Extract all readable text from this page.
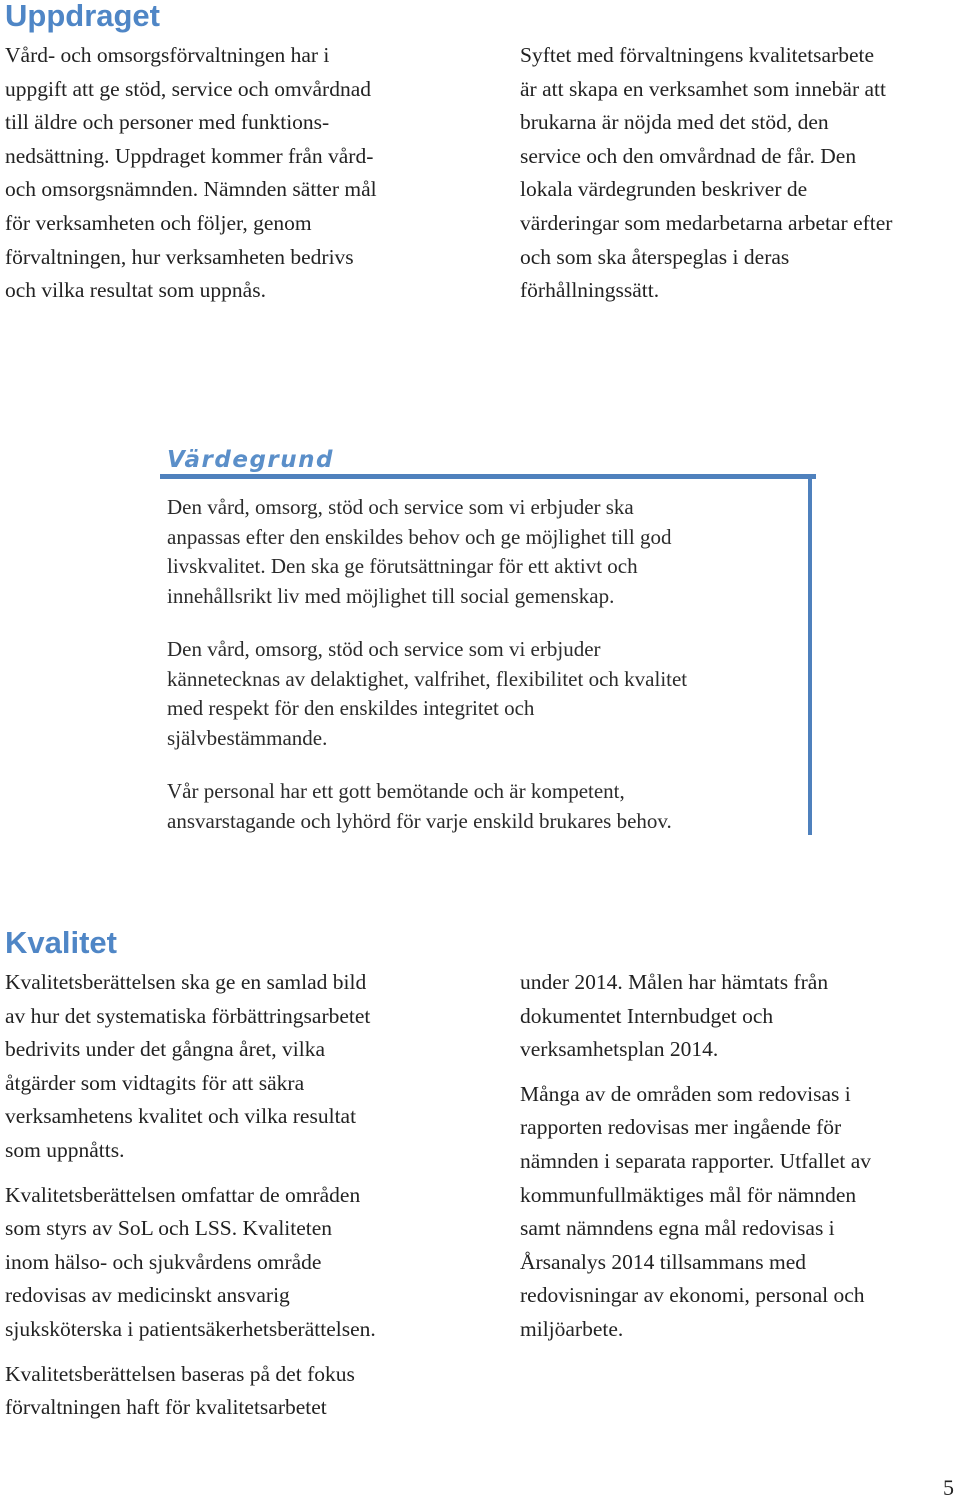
Uppdraget

Vård- och omsorgsförvaltningen har i
uppgift att ge stöd, service och omvårdnad
till äldre och personer med funktions-
nedsättning. Uppdraget kommer från vård-
och omsorgsnämnden. Nämnden sätter mål
för verksamheten och följer, genom
förvaltningen, hur verksamheten bedrivs
och vilka resultat som uppnås.

Syftet med förvaltningens kvalitetsarbete
är att skapa en verksamhet som innebär att
brukarna är nöjda med det stöd, den
service och den omvårdnad de får. Den
lokala värdegrunden beskriver de
värderingar som medarbetarna arbetar efter
och som ska återspeglas i deras
förhållningssätt.

Värdegrund

Den vård, omsorg, stöd och service som vi erbjuder ska
anpassas efter den enskildes behov och ge möjlighet till god
livskvalitet. Den ska ge förutsättningar för ett aktivt och
innehållsrikt liv med möjlighet till social gemenskap.

Den vård, omsorg, stöd och service som vi erbjuder
kännetecknas av delaktighet, valfrihet, flexibilitet och kvalitet
med respekt för den enskildes integritet och
självbestämmande.

Vår personal har ett gott bemötande och är kompetent,
ansvarstagande och lyhörd för varje enskild brukares behov.

Kvalitet

Kvalitetsberättelsen ska ge en samlad bild
av hur det systematiska förbättringsarbetet
bedrivits under det gångna året, vilka
åtgärder som vidtagits för att säkra
verksamhetens kvalitet och vilka resultat
som uppnåtts.

Kvalitetsberättelsen omfattar de områden
som styrs av SoL och LSS. Kvaliteten
inom hälso- och sjukvårdens område
redovisas av medicinskt ansvarig
sjuksköterska i patientsäkerhetsberättelsen.

Kvalitetsberättelsen baseras på det fokus
förvaltningen haft för kvalitetsarbetet

under 2014. Målen har hämtats från
dokumentet Internbudget och
verksamhetsplan 2014.

Många av de områden som redovisas i
rapporten redovisas mer ingående för
nämnden i separata rapporter. Utfallet av
kommunfullmäktiges mål för nämnden
samt nämndens egna mål redovisas i
Årsanalys 2014 tillsammans med
redovisningar av ekonomi, personal och
miljöarbete.

5
